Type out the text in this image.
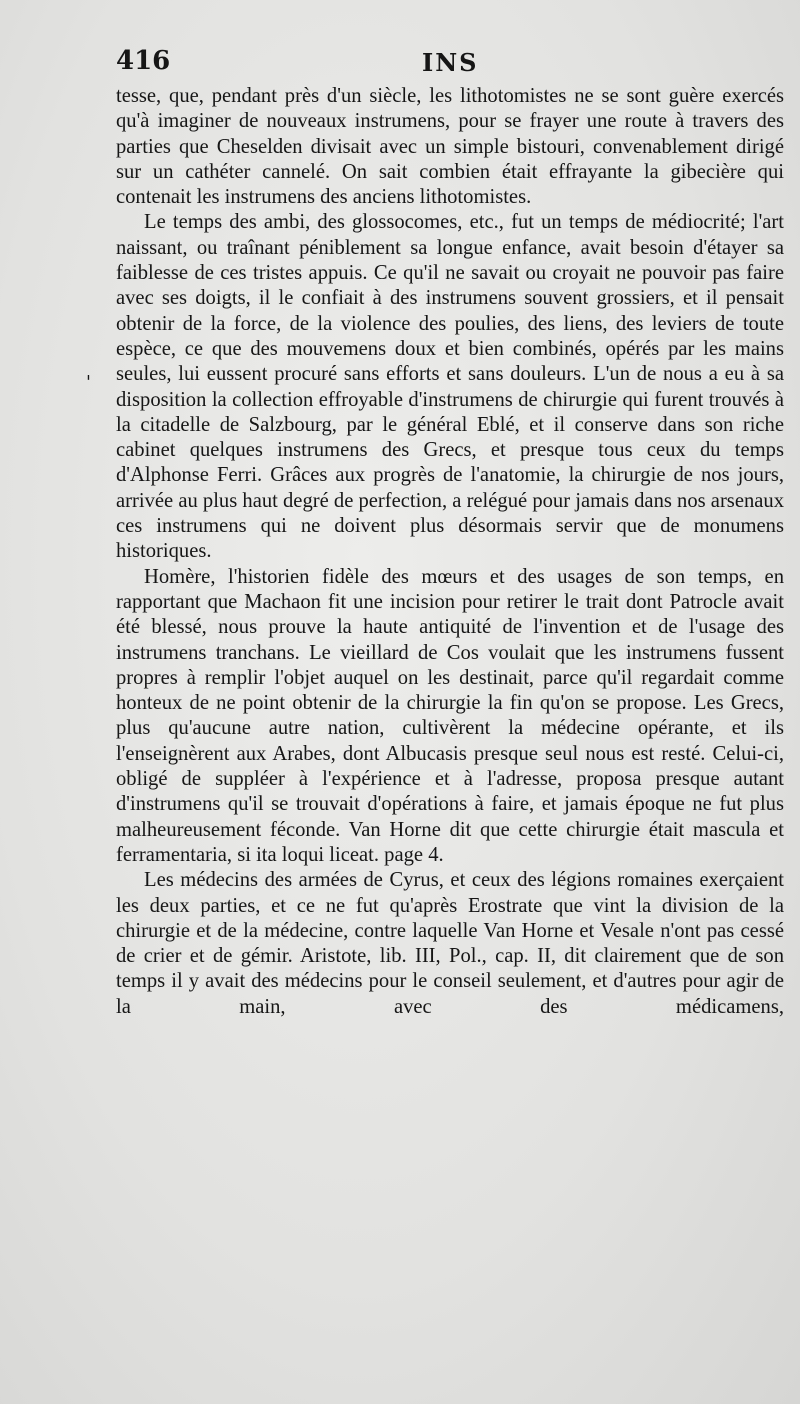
416	INS
'

tesse, que, pendant près d'un siècle, les lithotomistes ne se sont guère exercés qu'à imaginer de nouveaux instrumens, pour se frayer une route à travers des parties que Cheselden divisait avec un simple bistouri, convenablement dirigé sur un cathéter cannelé. On sait combien était effrayante la gibecière qui contenait les instrumens des anciens lithotomistes.

Le temps des ambi, des glossocomes, etc., fut un temps de médiocrité; l'art naissant, ou traînant péniblement sa longue enfance, avait besoin d'étayer sa faiblesse de ces tristes appuis. Ce qu'il ne savait ou croyait ne pouvoir pas faire avec ses doigts, il le confiait à des instrumens souvent grossiers, et il pensait obtenir de la force, de la violence des poulies, des liens, des leviers de toute espèce, ce que des mouvemens doux et bien combinés, opérés par les mains seules, lui eussent procuré sans efforts et sans douleurs. L'un de nous a eu à sa disposition la collection effroyable d'instrumens de chirurgie qui furent trouvés à la citadelle de Salzbourg, par le général Eblé, et il conserve dans son riche cabinet quelques instrumens des Grecs, et presque tous ceux du temps d'Alphonse Ferri. Grâces aux progrès de l'anatomie, la chirurgie de nos jours, arrivée au plus haut degré de perfection, a relégué pour jamais dans nos arsenaux ces instrumens qui ne doivent plus désormais servir que de monumens historiques.

Homère, l'historien fidèle des mœurs et des usages de son temps, en rapportant que Machaon fit une incision pour retirer le trait dont Patrocle avait été blessé, nous prouve la haute antiquité de l'invention et de l'usage des instrumens tranchans. Le vieillard de Cos voulait que les instrumens fussent propres à remplir l'objet auquel on les destinait, parce qu'il regardait comme honteux de ne point obtenir de la chirurgie la fin qu'on se propose. Les Grecs, plus qu'aucune autre nation, cultivèrent la médecine opérante, et ils l'enseignèrent aux Arabes, dont Albucasis presque seul nous est resté. Celui-ci, obligé de suppléer à l'expérience et à l'adresse, proposa presque autant d'instrumens qu'il se trouvait d'opérations à faire, et jamais époque ne fut plus malheureusement féconde. Van Horne dit que cette chirurgie était mascula et ferramentaria, si ita loqui liceat. page 4.

Les médecins des armées de Cyrus, et ceux des légions romaines exerçaient les deux parties, et ce ne fut qu'après Erostrate que vint la division de la chirurgie et de la médecine, contre laquelle Van Horne et Vesale n'ont pas cessé de crier et de gémir. Aristote, lib. III, Pol., cap. II, dit clairement que de son temps il y avait des médecins pour le conseil seulement, et d'autres pour agir de la main, avec des médicamens,
